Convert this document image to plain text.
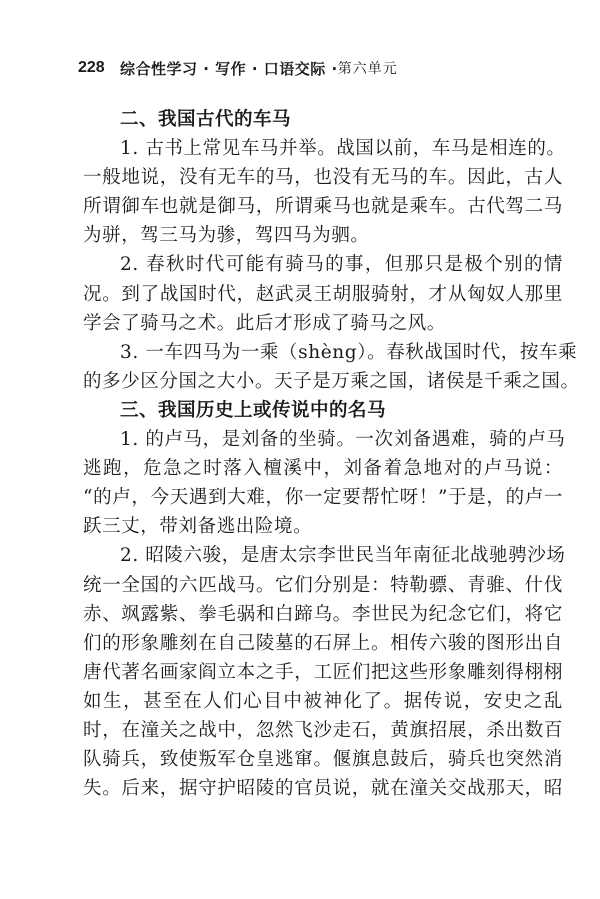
228	综合性学习 · 写作 · 口语交际 · 第六单元
二、我国古代的车马
1. 古书上常见车马并举。战国以前，车马是相连的。
一般地说，没有无车的马，也没有无马的车。因此，古人
所谓御车也就是御马，所谓乘马也就是乘车。古代驾二马
为骈，驾三马为骖，驾四马为驷。
2. 春秋时代可能有骑马的事，但那只是极个别的情
况。到了战国时代，赵武灵王胡服骑射，才从匈奴人那里
学会了骑马之术。此后才形成了骑马之风。
3. 一车四马为一乘（shèng）。春秋战国时代，按车乘
的多少区分国之大小。天子是万乘之国，诸侯是千乘之国。
三、我国历史上或传说中的名马
1. 的卢马，是刘备的坐骑。一次刘备遇难，骑的卢马
逃跑，危急之时落入檀溪中，刘备着急地对的卢马说：
“的卢，今天遇到大难，你一定要帮忙呀！”于是，的卢一
跃三丈，带刘备逃出险境。
2. 昭陵六骏，是唐太宗李世民当年南征北战驰骋沙场
统一全国的六匹战马。它们分别是：特勒骠、青骓、什伐
赤、飒露紫、拳毛䯄和白蹄乌。李世民为纪念它们，将它
们的形象雕刻在自己陵墓的石屏上。相传六骏的图形出自
唐代著名画家阎立本之手，工匠们把这些形象雕刻得栩栩
如生，甚至在人们心目中被神化了。据传说，安史之乱
时，在潼关之战中，忽然飞沙走石，黄旗招展，杀出数百
队骑兵，致使叛军仓皇逃窜。偃旗息鼓后，骑兵也突然消
失。后来，据守护昭陵的官员说，就在潼关交战那天，昭
